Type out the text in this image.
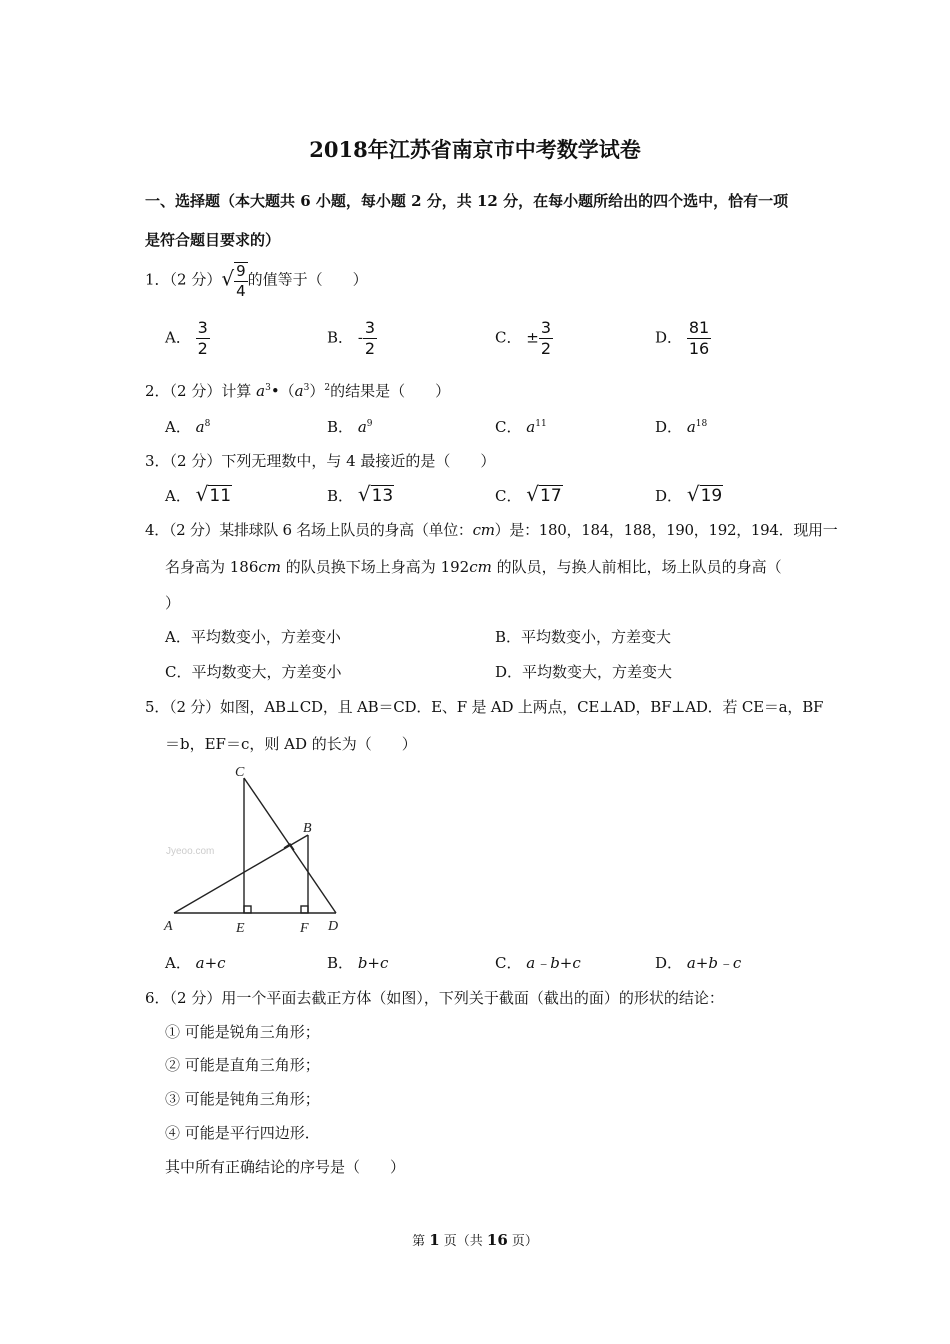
2018年江苏省南京市中考数学试卷
一、选择题（本大题共 6 小题，每小题 2 分，共 12 分，在每小题所给出的四个选中，恰有一项
是符合题目要求的）
1．（2 分）√ $\frac{9}{4}$ 的值等于（　　）
A． $\frac{3}{2}$	B． - $\frac{3}{2}$	C． ± $\frac{3}{2}$	D． $\frac{81}{16}$
2．（2 分）计算 $a^3•(a^3)^2$的结果是（　　）
A． $a^8$	B． $a^9$	C． $a^{11}$	D． $a^{18}$
3．（2 分）下列无理数中，与 4 最接近的是（　　）
A． √11	B． √13	C． √17	D． √19
4．（2 分）某排球队 6 名场上队员的身高（单位：cm）是：180，184，188，190，192，194．现用一
名身高为 186cm 的队员换下场上身高为 192cm 的队员，与换人前相比，场上队员的身高（
）
A．平均数变小，方差变小	B．平均数变小，方差变大
C．平均数变大，方差变小	D．平均数变大，方差变大
5．（2 分）如图，AB⊥CD，且 AB＝CD．E、F 是 AD 上两点，CE⊥AD，BF⊥AD．若 CE＝a，BF
＝b，EF＝c，则 AD 的长为（　　）
Jyeoo.com
C
B
A	E	F D
A． a+c	B． b+c	C． a﹣b+c	D． a+b﹣c
6．（2 分）用一个平面去截正方体（如图），下列关于截面（截出的面）的形状的结论：
① 可能是锐角三角形；
② 可能是直角三角形；
③ 可能是钝角三角形；
④ 可能是平行四边形．
其中所有正确结论的序号是（　　）
第 1 页（共 16 页）
